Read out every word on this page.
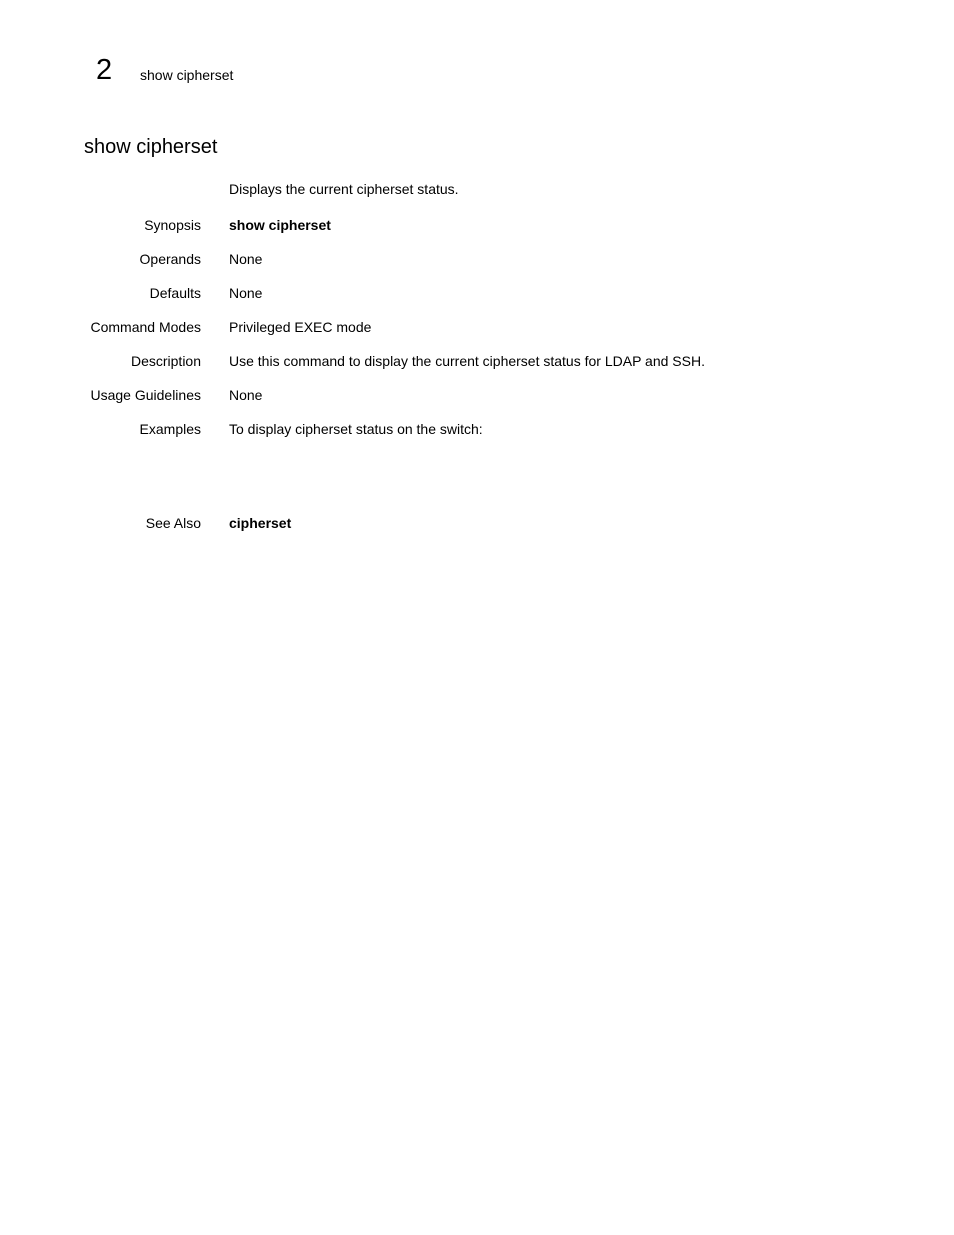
2 show cipherset
show cipherset
Displays the current cipherset status.
Synopsis show cipherset
Operands None
Defaults None
Command Modes Privileged EXEC mode
Description Use this command to display the current cipherset status for LDAP and SSH.
Usage Guidelines None
Examples To display cipherset status on the switch:
See Also cipherset
